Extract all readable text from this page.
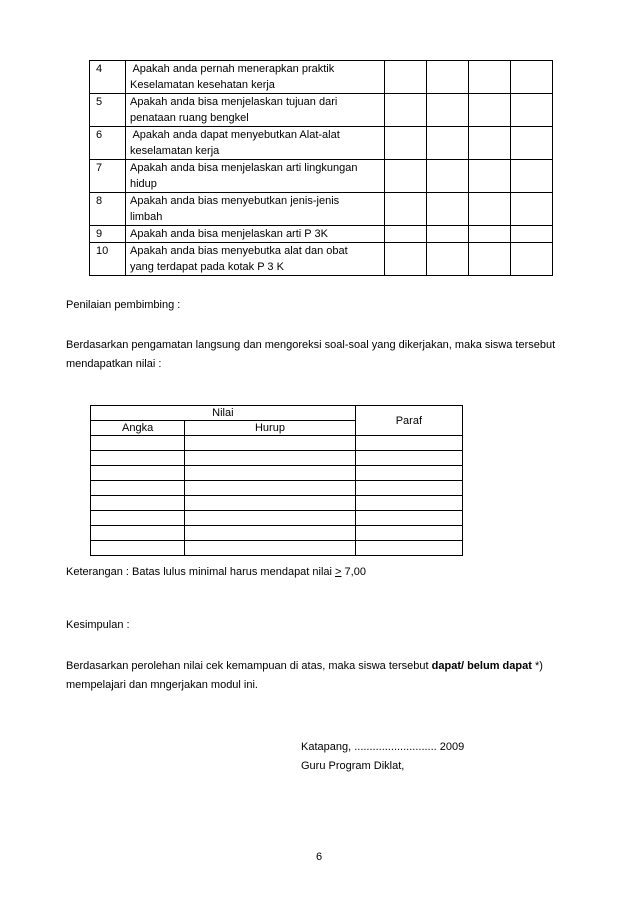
4	Apakah anda pernah menerapkan praktik
Keselamatan kesehatan kerja				

5	Apakah anda bisa menjelaskan tujuan dari
penataan ruang bengkel				

6	Apakah anda dapat menyebutkan Alat-alat
keselamatan kerja				

7	Apakah anda bisa menjelaskan arti lingkungan
hidup				

8	Apakah anda bias menyebutkan jenis-jenis
limbah				

9	Apakah anda bisa menjelaskan arti P 3K				

10	Apakah anda bias menyebutka alat dan obat
yang terdapat pada kotak P 3 K				

Penilaian pembimbing :
Berdasarkan pengamatan langsung dan mengoreksi soal-soal yang dikerjakan, maka siswa tersebut
mendapatkan nilai :
Nilai		Paraf
Angka	Hurup	

Keterangan : Batas lulus minimal harus mendapat nilai > 7,00
Kesimpulan :
Berdasarkan perolehan nilai cek kemampuan di atas, maka siswa tersebut dapat/ belum dapat *)
mempelajari dan mngerjakan modul ini.
Katapang, ........................... 2009
Guru Program Diklat,
6
